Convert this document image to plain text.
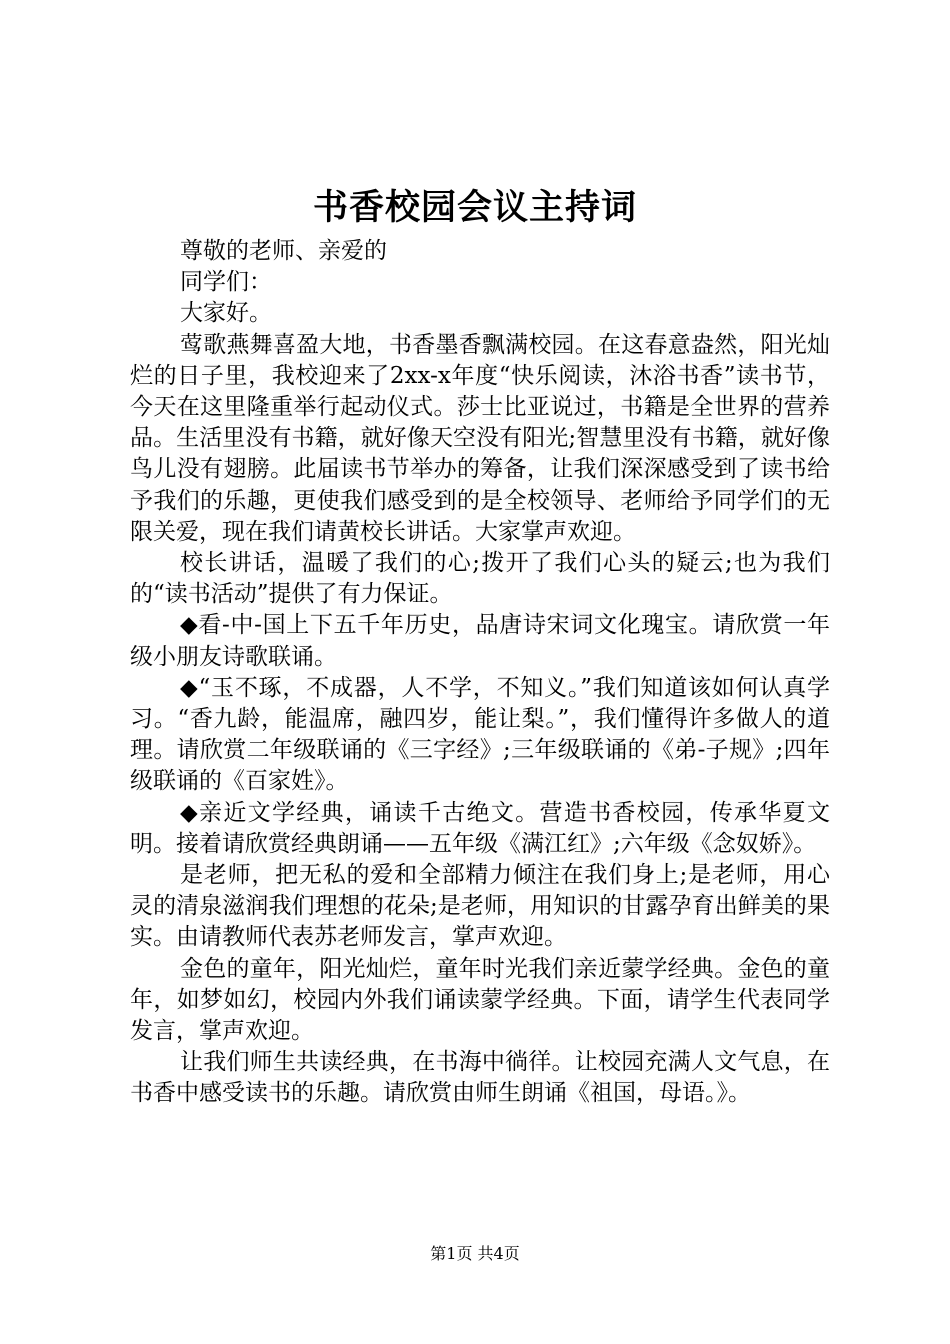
书香校园会议主持词

尊敬的老师、亲爱的

同学们：

大家好。

莺歌燕舞喜盈大地，书香墨香飘满校园。在这春意盎然，阳光灿烂的日子里，我校迎来了2xx-x年度“快乐阅读，沐浴书香”读书节，今天在这里隆重举行起动仪式。莎士比亚说过，书籍是全世界的营养品。生活里没有书籍，就好像天空没有阳光;智慧里没有书籍，就好像鸟儿没有翅膀。此届读书节举办的筹备，让我们深深感受到了读书给予我们的乐趣，更使我们感受到的是全校领导、老师给予同学们的无限关爱，现在我们请黄校长讲话。大家掌声欢迎。

校长讲话，温暖了我们的心;拨开了我们心头的疑云;也为我们的“读书活动”提供了有力保证。

◆看-中-国上下五千年历史，品唐诗宋词文化瑰宝。请欣赏一年级小朋友诗歌联诵。

◆“玉不琢，不成器，人不学，不知义。”我们知道该如何认真学习。“香九龄，能温席，融四岁，能让梨。”，我们懂得许多做人的道理。请欣赏二年级联诵的《三字经》;三年级联诵的《弟-子规》;四年级联诵的《百家姓》。

◆亲近文学经典，诵读千古绝文。营造书香校园，传承华夏文明。接着请欣赏经典朗诵——五年级《满江红》;六年级《念奴娇》。

是老师，把无私的爱和全部精力倾注在我们身上;是老师，用心灵的清泉滋润我们理想的花朵;是老师，用知识的甘露孕育出鲜美的果实。由请教师代表苏老师发言，掌声欢迎。

金色的童年，阳光灿烂，童年时光我们亲近蒙学经典。金色的童年，如梦如幻，校园内外我们诵读蒙学经典。下面，请学生代表同学发言，掌声欢迎。

让我们师生共读经典，在书海中徜徉。让校园充满人文气息，在书香中感受读书的乐趣。请欣赏由师生朗诵《祖国，母语。》。

第1页 共4页
